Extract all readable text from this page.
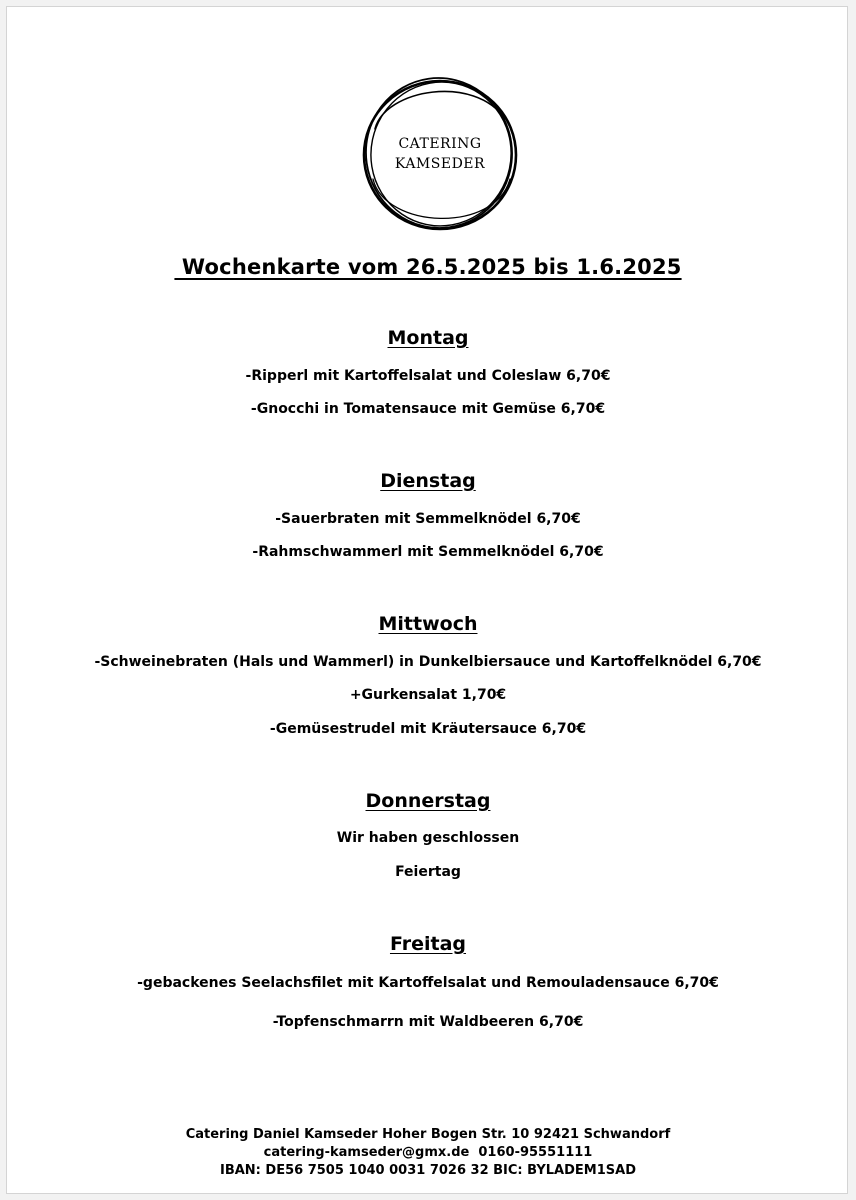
CATERING
KAMSEDER
Wochenkarte vom 26.5.2025 bis 1.6.2025
Montag
-Ripperl mit Kartoffelsalat und Coleslaw 6,70€
-Gnocchi in Tomatensauce mit Gemüse 6,70€
Dienstag
-Sauerbraten mit Semmelknödel 6,70€
-Rahmschwammerl mit Semmelknödel 6,70€
Mittwoch
-Schweinebraten (Hals und Wammerl) in Dunkelbiersauce und Kartoffelknödel 6,70€
+Gurkensalat 1,70€
-Gemüsestrudel mit Kräutersauce 6,70€
Donnerstag
Wir haben geschlossen
Feiertag
Freitag
-gebackenes Seelachsfilet mit Kartoffelsalat und Remouladensauce 6,70€
-Topfenschmarrn mit Waldbeeren 6,70€
Catering Daniel Kamseder Hoher Bogen Str. 10 92421 Schwandorf
catering-kamseder@gmx.de  0160-95551111
IBAN: DE56 7505 1040 0031 7026 32 BIC: BYLADEM1SAD
